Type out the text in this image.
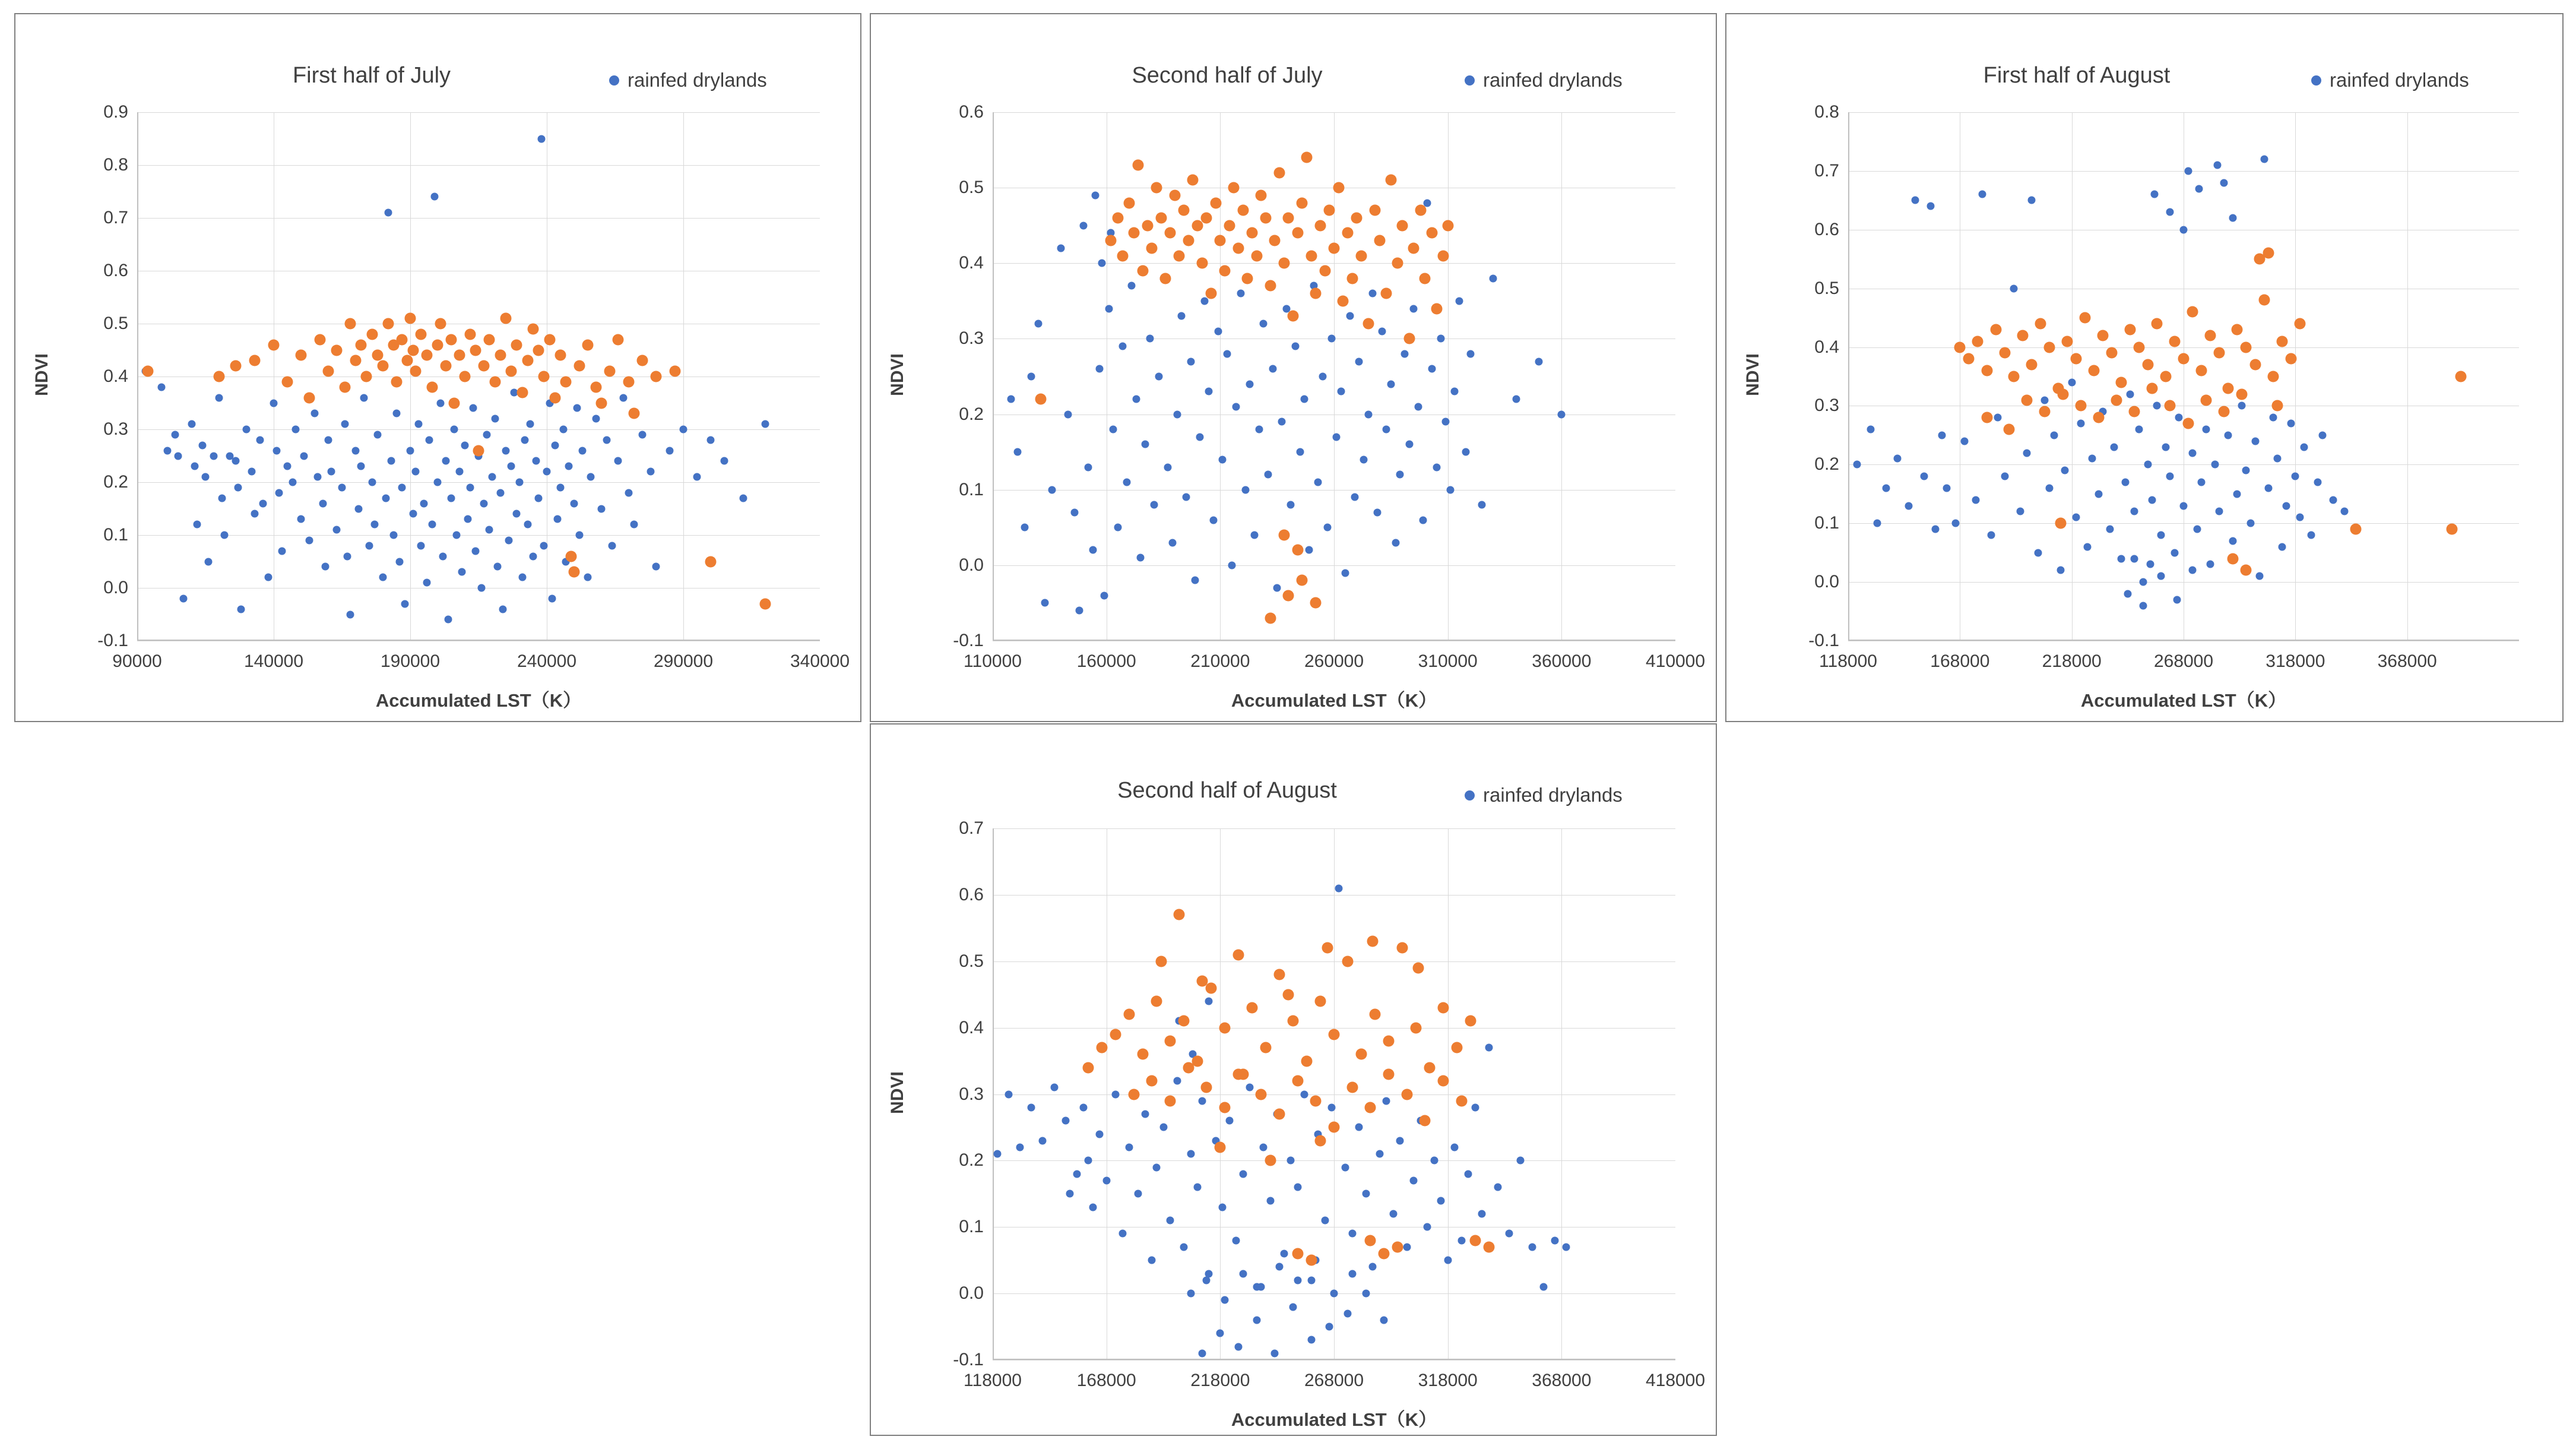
First half of July	rainfed drylands
-0.1
0.0
0.1
0.2
0.3
0.4
0.5
0.6
0.7
0.8
0.9
90000	140000	190000	240000	290000	340000
NDVI
Accumulated LST（K）
Second half of July	rainfed drylands
-0.1
0.0
0.1
0.2
0.3
0.4
0.5
0.6
110000	160000	210000	260000	310000	360000	410000
NDVI
Accumulated LST（K）
First half of August	rainfed drylands
-0.1
0.0
0.1
0.2
0.3
0.4
0.5
0.6
0.7
0.8
118000	168000	218000	268000	318000	368000
NDVI
Accumulated LST（K）
Second half of August	rainfed drylands
-0.1
0.0
0.1
0.2
0.3
0.4
0.5
0.6
0.7
118000	168000	218000	268000	318000	368000	418000
NDVI
Accumulated LST（K）
